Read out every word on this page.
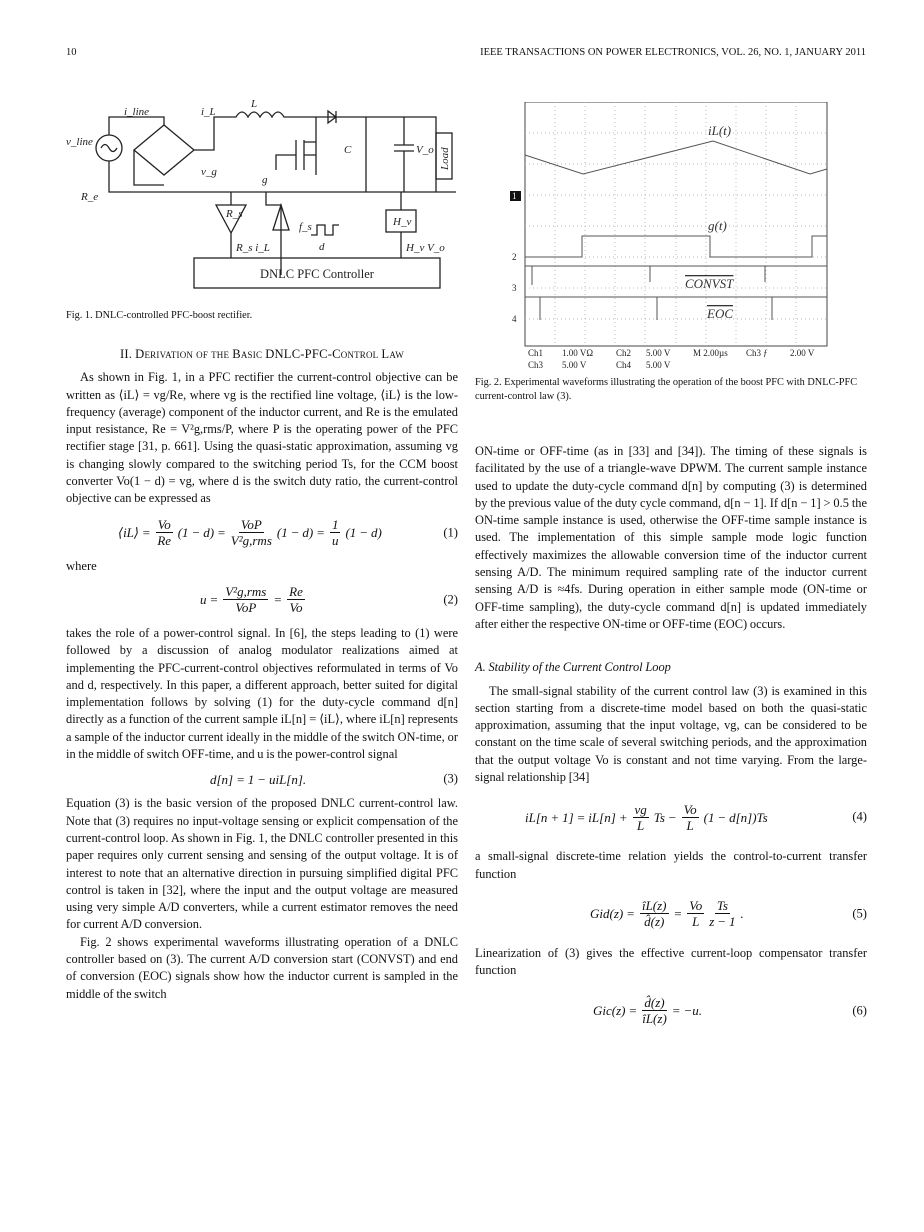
10	IEEE TRANSACTIONS ON POWER ELECTRONICS, VOL. 26, NO. 1, JANUARY 2011
v_line
i_line	i_L
L
C	V_o
v_g
g
R_e
R_s
R_s i_L
f_s
d
H_v
H_v V_o
Load
DNLC PFC Controller
Fig. 1. DNLC-controlled PFC-boost rectifier.
iL(t)
g(t)
CONVST
EOC
1
2
3
4
Ch1 1.00 VΩ	Ch2 5.00 V	M 2.00µs Ch3 ƒ 2.00 V
Ch3 5.00 V	Ch4 5.00 V
Fig. 2. Experimental waveforms illustrating the operation of the boost PFC with DNLC-PFC current-control law (3).
II. Derivation of the Basic DNLC-PFC-Control Law

As shown in Fig. 1, in a PFC rectifier the current-control objective can be written as ⟨iL⟩ = vg/Re, where vg is the rectified line voltage, ⟨iL⟩ is the low-frequency (average) component of the inductor current, and Re is the emulated input resistance, Re = V²g,rms/P, where P is the operating power of the PFC rectifier stage [31, p. 661]. Using the quasi-static approximation, assuming vg is changing slowly compared to the switching period Ts, for the CCM boost converter Vo(1 − d) = vg, where d is the switch duty ratio, the current-control objective can be expressed as

⟨iL⟩ = $\frac{Vo}{Re} (1 - d) = \frac{\text{VoP}}{\text{V²g,rms}} (1 - d) = \frac{1}{u} (1 - d)$	(1)
where
$u = \frac{\text{V²g,rms}}{\text{VoP}} = \frac{Re}{Vo}$	(2)

takes the role of a power-control signal. In [6], the steps leading to (1) were followed by a discussion of analog modulator realizations aimed at implementing the PFC-current-control objectives reformulated in terms of Vo and d, respectively. In this paper, a different approach, better suited for digital implementation follows by solving (1) for the duty-cycle command d[n] directly as a function of the current sample iL[n] = ⟨iL⟩, where iL[n] represents a sample of the inductor current ideally in the middle of the switch ON-time, or in the middle of switch OFF-time, and u is the power-control signal

d[n] = 1 − uiL[n].	(3)

Equation (3) is the basic version of the proposed DNLC current-control law. Note that (3) requires no input-voltage sensing or explicit compensation of the current-control loop. As shown in Fig. 1, the DNLC controller presented in this paper requires only current sensing and sensing of the output voltage. It is of interest to note that an alternative direction in pursuing simplified digital PFC control is taken in [32], where the input and the output voltage are measured using very simple A/D converters, while a current estimator removes the need for current A/D conversion.

Fig. 2 shows experimental waveforms illustrating operation of a DNLC controller based on (3). The current A/D conversion start (CONVST) and end of conversion (EOC) signals show how the inductor current is sampled in the middle of the switch

ON-time or OFF-time (as in [33] and [34]). The timing of these signals is facilitated by the use of a triangle-wave DPWM. The current sample instance used to update the duty-cycle command d[n] by computing (3) is determined by the previous value of the duty cycle command, d[n − 1]. If d[n − 1] > 0.5 the ON-time sample instance is used, otherwise the OFF-time sample instance is used. The implementation of this simple sample mode logic function effectively maximizes the allowable conversion time of the inductor current sensing A/D. The minimum required sampling rate of the inductor current sensing A/D is ≈4fs. During operation in either sample mode (ON-time or OFF-time sampling), the duty-cycle command d[n] is updated immediately after either the respective ON-time or OFF-time (EOC) occurs.

A. Stability of the Current Control Loop

The small-signal stability of the current control law (3) is examined in this section starting from a discrete-time model based on both the quasi-static approximation, assuming that the input voltage, vg, can be considered to be constant on the time scale of several switching periods, and the approximation that the output voltage Vo is constant and not time varying. From the large-signal relationship [34]

$iL[n + 1] = iL[n] + \frac{vg}{L}$ $Ts - \frac{Vo}{L} (1 - d[n])Ts$	(4)

a small-signal discrete-time relation yields the control-to-current transfer function

$Gid(z) = \frac{îL(z)}{d̂(z)} = \frac{Vo}{L} \frac{Ts}{z - 1}$ .	(5)

Linearization of (3) gives the effective current-loop compensator transfer function

$Gic(z) = \frac{d̂(z)}{îL(z)} = -u$.	(6)
